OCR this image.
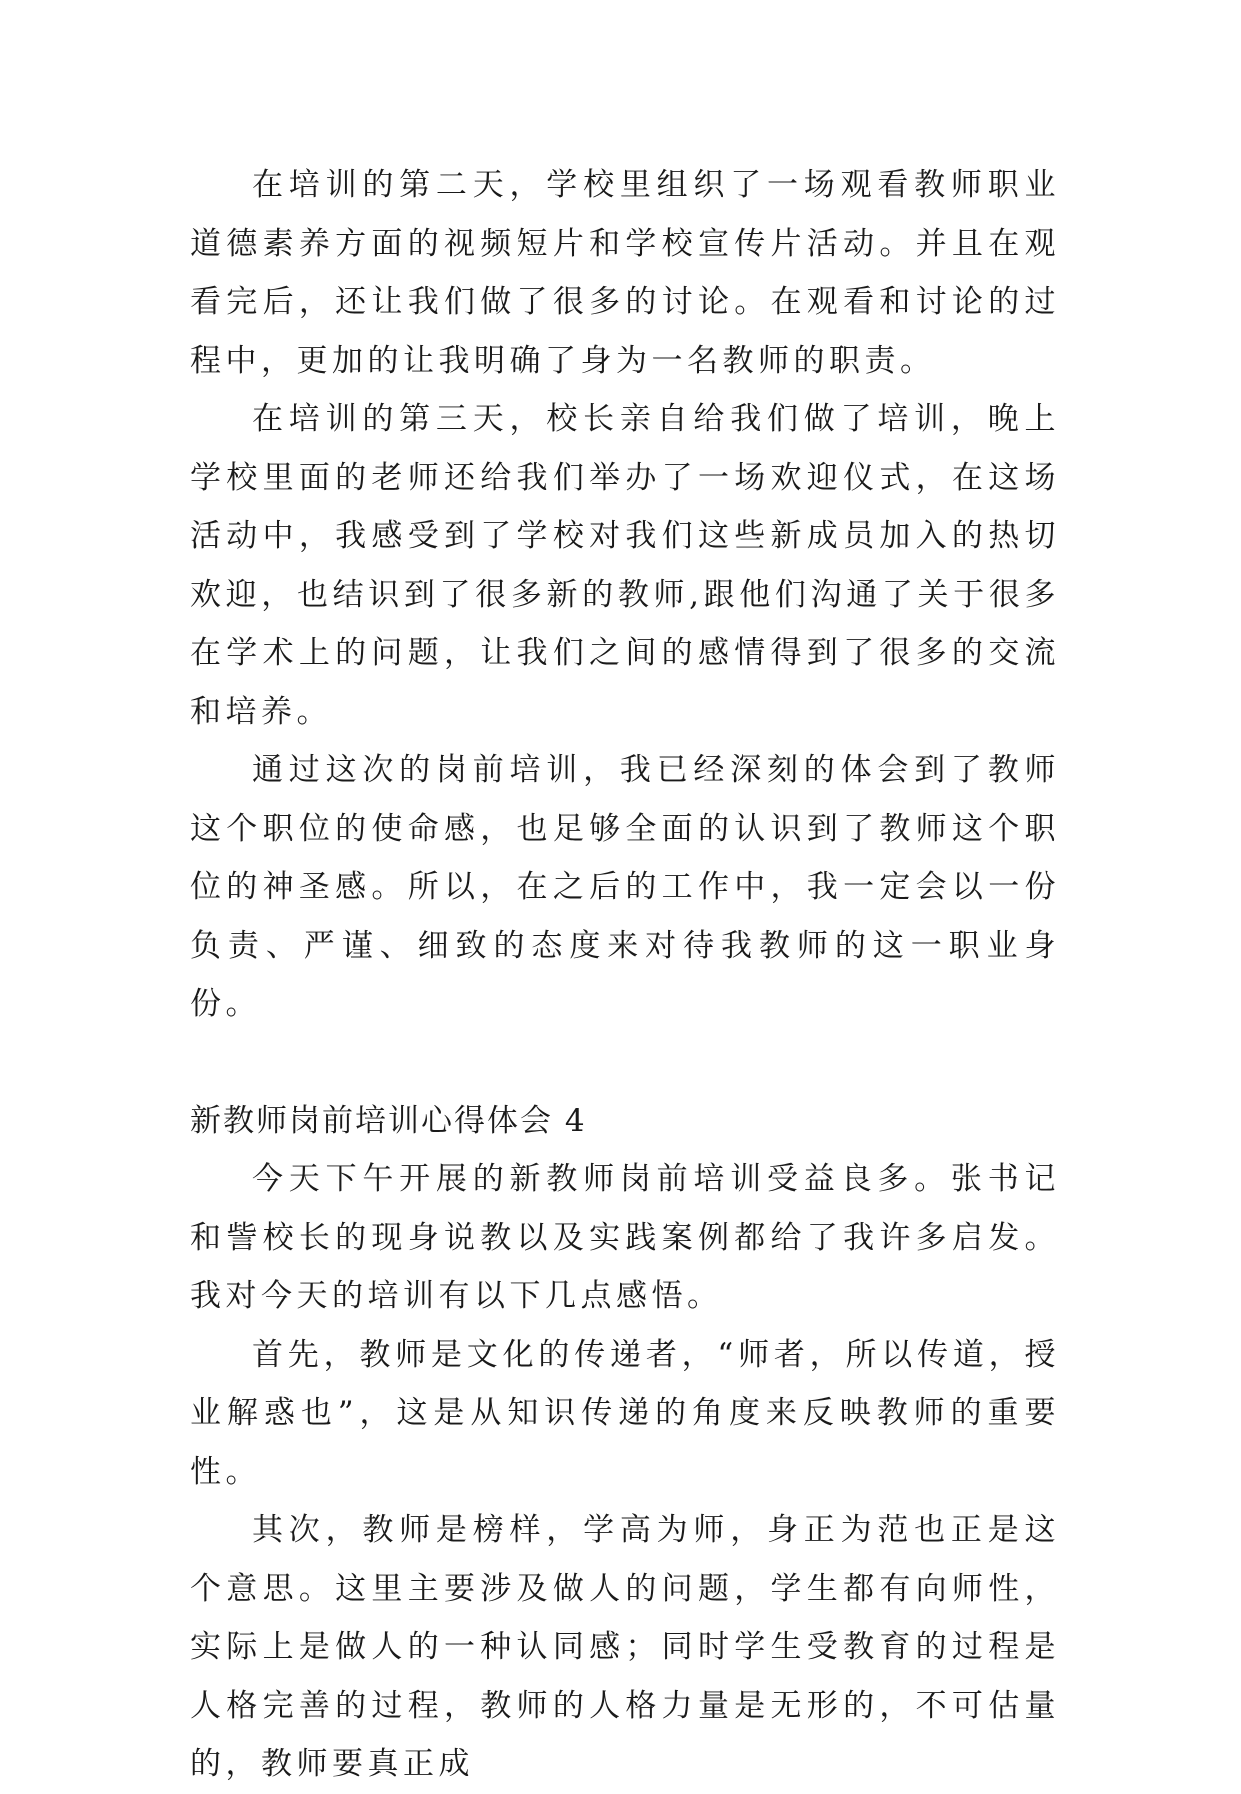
在培训的第二天，学校里组织了一场观看教师职业道德素养方面的视频短片和学校宣传片活动。并且在观看完后，还让我们做了很多的讨论。在观看和讨论的过程中，更加的让我明确了身为一名教师的职责。

在培训的第三天，校长亲自给我们做了培训，晚上学校里面的老师还给我们举办了一场欢迎仪式，在这场活动中，我感受到了学校对我们这些新成员加入的热切欢迎，也结识到了很多新的教师,跟他们沟通了关于很多在学术上的问题，让我们之间的感情得到了很多的交流和培养。

通过这次的岗前培训，我已经深刻的体会到了教师这个职位的使命感，也足够全面的认识到了教师这个职位的神圣感。所以，在之后的工作中，我一定会以一份负责、严谨、细致的态度来对待我教师的这一职业身份。

新教师岗前培训心得体会 4

今天下午开展的新教师岗前培训受益良多。张书记和訾校长的现身说教以及实践案例都给了我许多启发。我对今天的培训有以下几点感悟。

首先，教师是文化的传递者，“师者，所以传道，授业解惑也”，这是从知识传递的角度来反映教师的重要性。

其次，教师是榜样，学高为师，身正为范也正是这个意思。这里主要涉及做人的问题，学生都有向师性，实际上是做人的一种认同感；同时学生受教育的过程是人格完善的过程，教师的人格力量是无形的，不可估量的，教师要真正成
